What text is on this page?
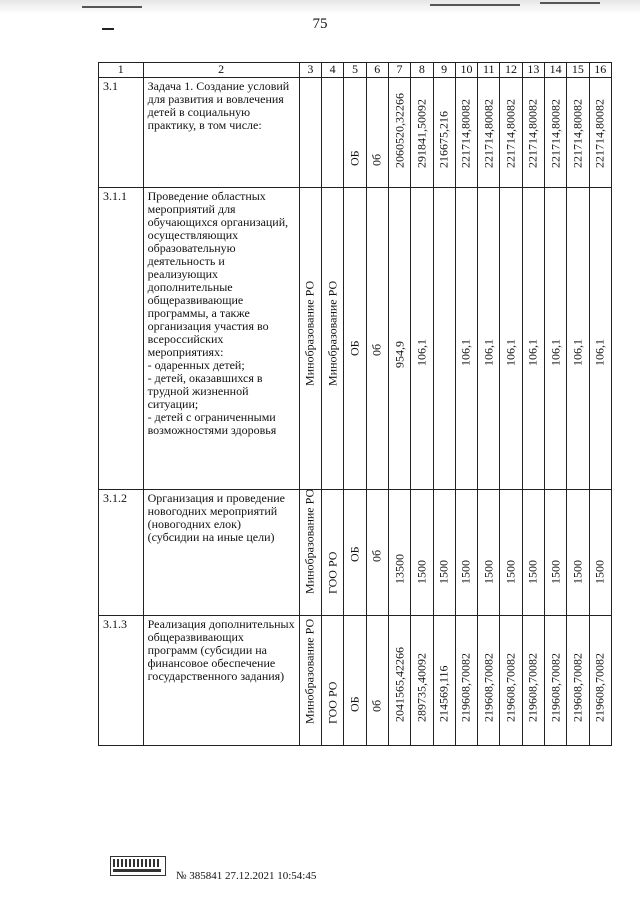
75
1	2	3	4	5	6	7	8	9	10	11	12	13	14	15	16
3.1	Задача 1. Создание условий для развития и вовлечения детей в социальную практику, в том числе:			ОБ	0б	2060520,32266	291841,50092	216675,216	221714,80082	221714,80082	221714,80082	221714,80082	221714,80082	221714,80082	221714,80082

3.1.1	Проведение областных мероприятий для обучающихся организаций, осуществляющих образовательную деятельность и реализующих дополнительные общеразвивающие программы, а также организация участия во всероссийских мероприятиях:
- одаренных детей;
- детей, оказавшихся в трудной жизненной ситуации;
- детей с ограниченными возможностями здоровья	Минобразование РО	Минобразование РО	ОБ	0б	954,9	106,1		106,1	106,1	106,1	106,1	106,1	106,1	106,1

3.1.2	Организация и проведение новогодних мероприятий (новогодних елок) (субсидии на иные цели)	Минобразование РО	ГОО РО	ОБ	0б	13500	1500	1500	1500	1500	1500	1500	1500	1500	1500

3.1.3	Реализация дополнительных общеразвивающих программ (субсидии на финансовое обеспечение государственного задания)	Минобразование РО	ГОО РО	ОБ	0б	2041565,42266	289735,40092	214569,116	219608,70082	219608,70082	219608,70082	219608,70082	219608,70082	219608,70082	219608,70082
№ 385841 27.12.2021 10:54:45
